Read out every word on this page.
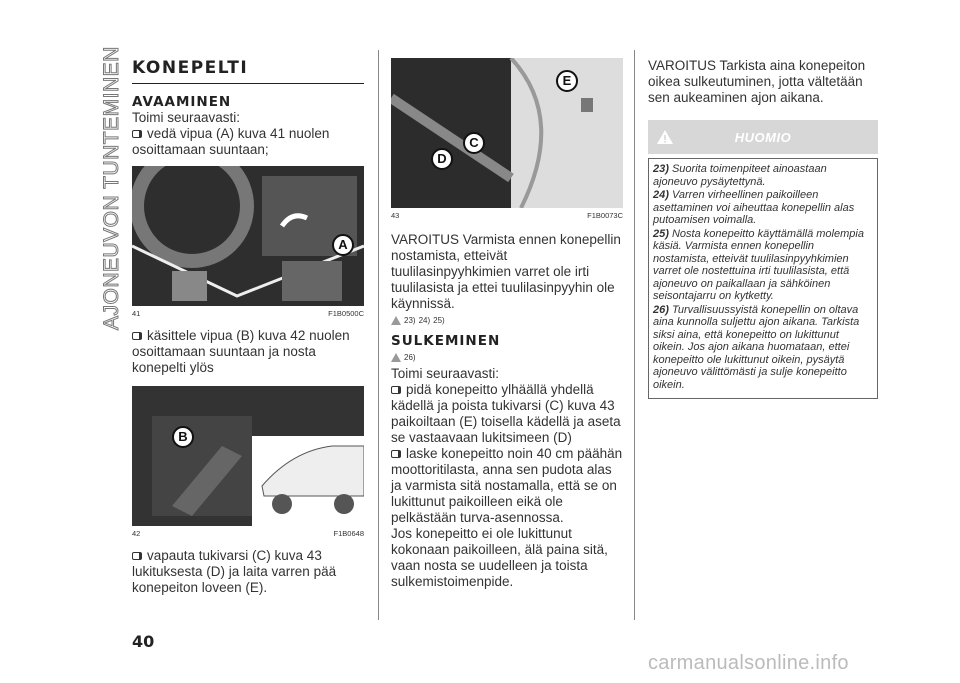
AJONEUVON TUNTEMINEN KONEPELTI
AVAAMINEN

Toimi seuraavasti:

vedä vipua (A) kuva 41 nuolen osoittamaan suuntaan;

A
41	F1B0500C

käsittele vipua (B) kuva 42 nuolen osoittamaan suuntaan ja nosta konepelti ylös

B
42	F1B0648

vapauta tukivarsi (C) kuva 43 lukituksesta (D) ja laita varren pää konepeiton loveen (E).

E
C
D
43	F1B0073C

VAROITUS Varmista ennen konepellin nostamista, etteivät tuulilasinpyyhkimien varret ole irti tuulilasista ja ettei tuulilasinpyyhin ole käynnissä.

23) 24) 25)
SULKEMINEN
26)

Toimi seuraavasti:

pidä konepeitto ylhäällä yhdellä kädellä ja poista tukivarsi (C) kuva 43 paikoiltaan (E) toisella kädellä ja aseta se vastaavaan lukitsimeen (D)

laske konepeitto noin 40 cm päähän moottoritilasta, anna sen pudota alas ja varmista sitä nostamalla, että se on lukittunut paikoilleen eikä ole pelkästään turva-asennossa.

Jos konepeitto ei ole lukittunut kokonaan paikoilleen, älä paina sitä, vaan nosta se uudelleen ja toista sulkemistoimenpide.

VAROITUS Tarkista aina konepeiton oikea sulkeutuminen, jotta vältetään sen aukeaminen ajon aikana.

HUOMIO

23) Suorita toimenpiteet ainoastaan ajoneuvo pysäytettynä.

24) Varren virheellinen paikoilleen asettaminen voi aiheuttaa konepellin alas putoamisen voimalla.

25) Nosta konepeitto käyttämällä molempia käsiä. Varmista ennen konepellin nostamista, etteivät tuulilasinpyyhkimien varret ole nostettuina irti tuulilasista, että ajoneuvo on paikallaan ja sähköinen seisontajarru on kytketty.

26) Turvallisuussyistä konepellin on oltava aina kunnolla suljettu ajon aikana. Tarkista siksi aina, että konepeitto on lukittunut oikein. Jos ajon aikana huomataan, ettei konepeitto ole lukittunut oikein, pysäytä ajoneuvo välittömästi ja sulje konepeitto oikein.

40
carmanualsonline.info
